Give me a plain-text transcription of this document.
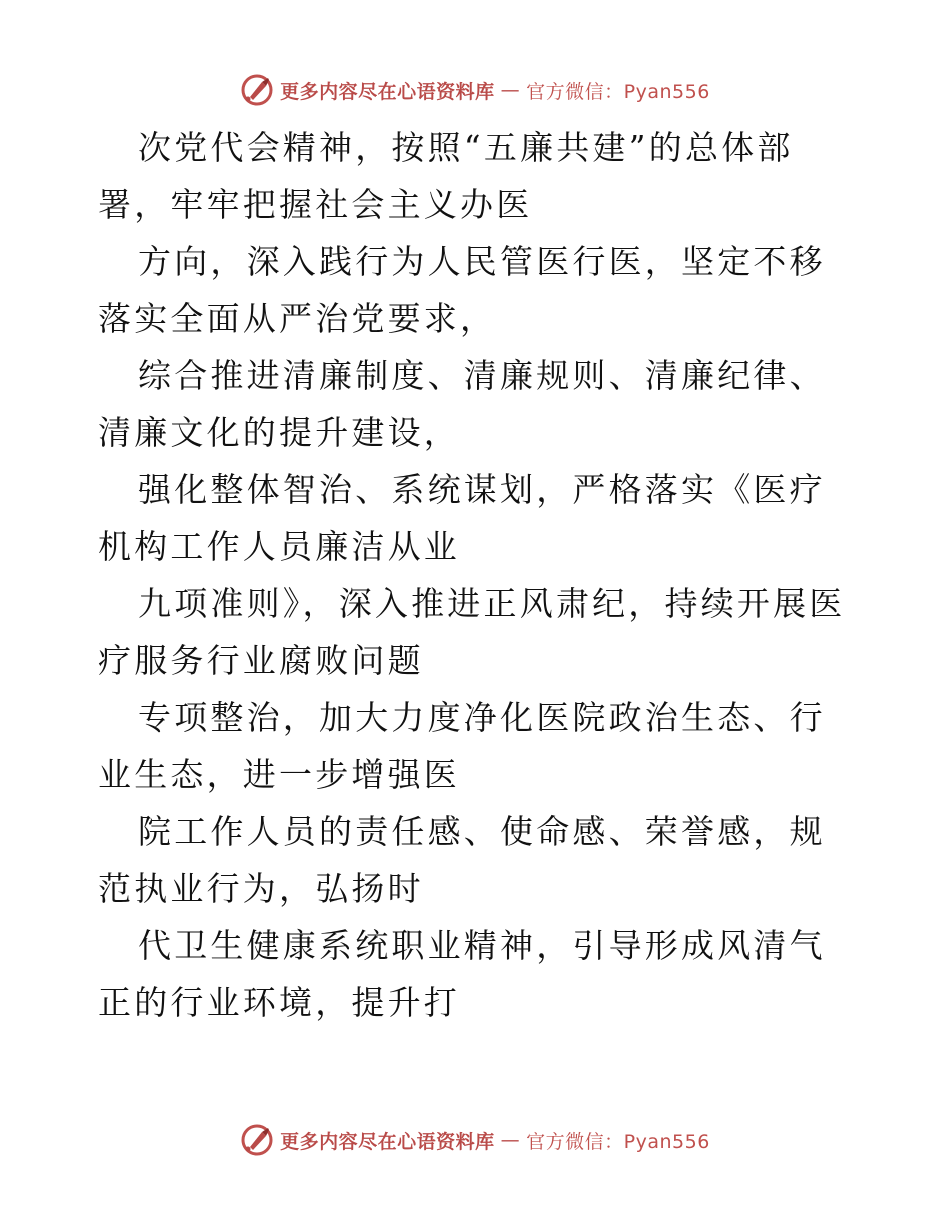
更多内容尽在心语资料库 — 官方微信：Pyan556

次党代会精神，按照“五廉共建”的总体部署，牢牢把握社会主义办医

方向，深入践行为人民管医行医，坚定不移落实全面从严治党要求，

综合推进清廉制度、清廉规则、清廉纪律、清廉文化的提升建设，

强化整体智治、系统谋划，严格落实《医疗机构工作人员廉洁从业

九项准则》，深入推进正风肃纪，持续开展医疗服务行业腐败问题

专项整治，加大力度净化医院政治生态、行业生态，进一步增强医

院工作人员的责任感、使命感、荣誉感，规范执业行为，弘扬时

代卫生健康系统职业精神，引导形成风清气正的行业环境，提升打

更多内容尽在心语资料库 — 官方微信：Pyan556
